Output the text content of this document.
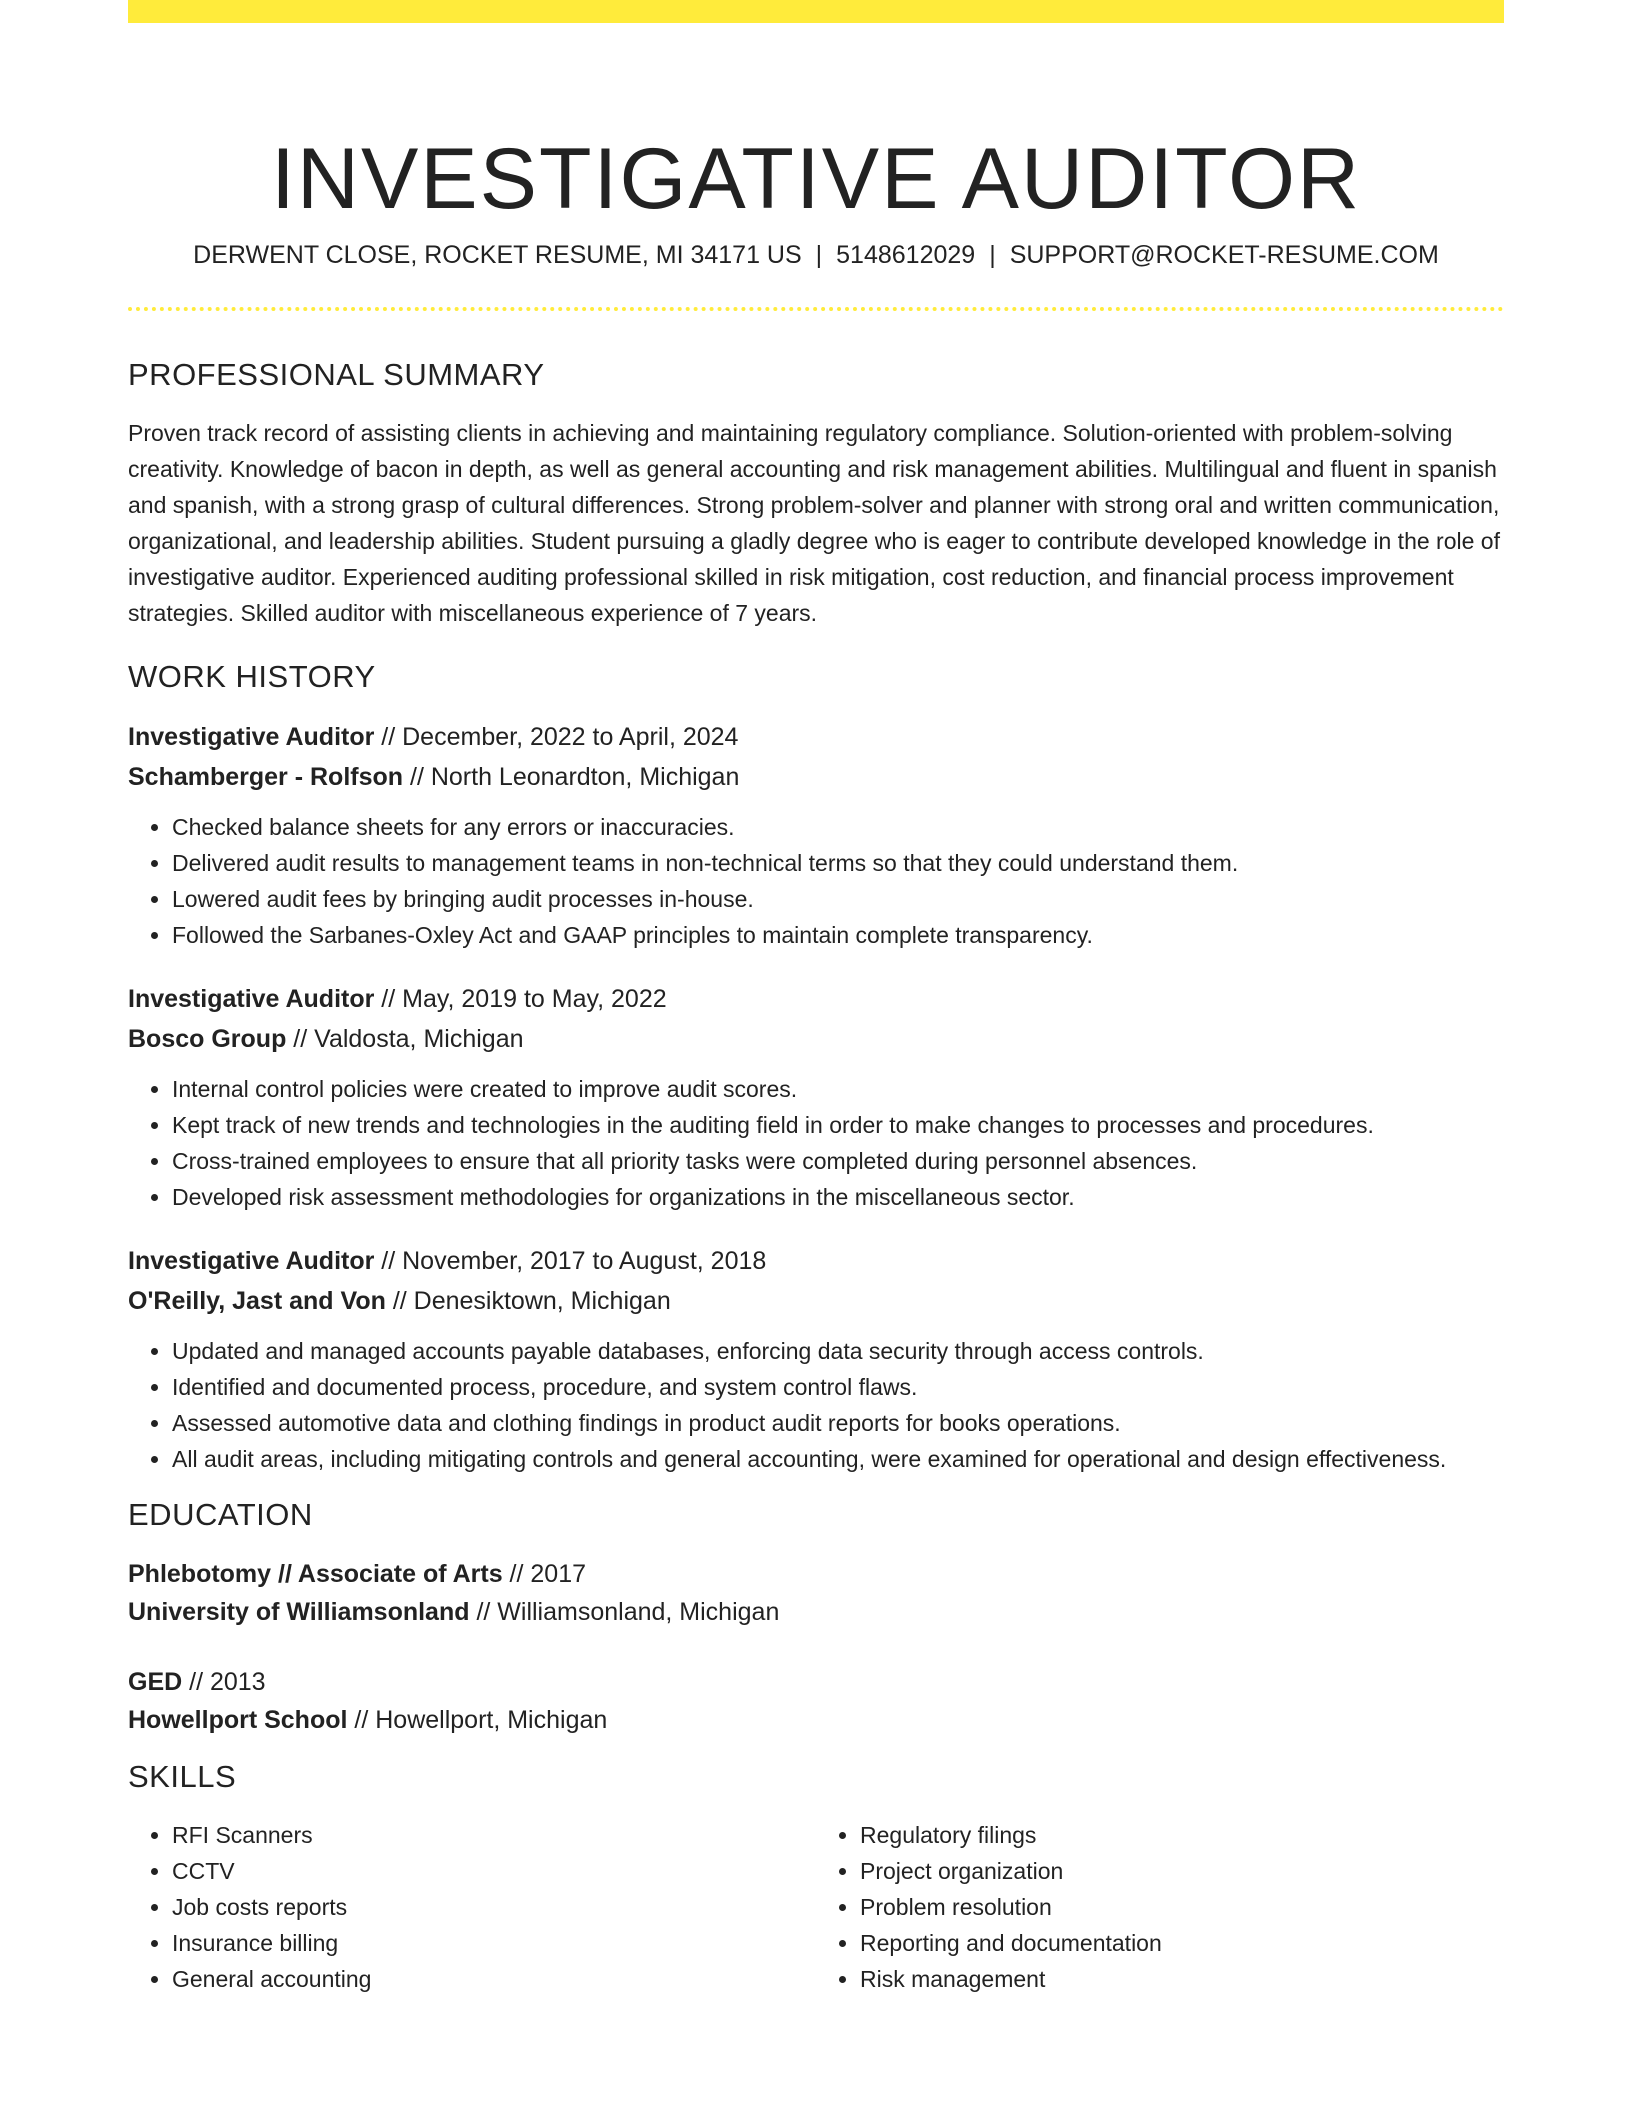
INVESTIGATIVE AUDITOR
DERWENT CLOSE, ROCKET RESUME, MI 34171 US | 5148612029 | SUPPORT@ROCKET-RESUME.COM
PROFESSIONAL SUMMARY

Proven track record of assisting clients in achieving and maintaining regulatory compliance. Solution-oriented with problem-solving creativity. Knowledge of bacon in depth, as well as general accounting and risk management abilities. Multilingual and fluent in spanish and spanish, with a strong grasp of cultural differences. Strong problem-solver and planner with strong oral and written communication, organizational, and leadership abilities. Student pursuing a gladly degree who is eager to contribute developed knowledge in the role of investigative auditor. Experienced auditing professional skilled in risk mitigation, cost reduction, and financial process improvement strategies. Skilled auditor with miscellaneous experience of 7 years.

WORK HISTORY
Investigative Auditor // December, 2022 to April, 2024
Schamberger - Rolfson // North Leonardton, Michigan
• Checked balance sheets for any errors or inaccuracies.
• Delivered audit results to management teams in non-technical terms so that they could understand them.
• Lowered audit fees by bringing audit processes in-house.
• Followed the Sarbanes-Oxley Act and GAAP principles to maintain complete transparency.
Investigative Auditor // May, 2019 to May, 2022
Bosco Group // Valdosta, Michigan
• Internal control policies were created to improve audit scores.
• Kept track of new trends and technologies in the auditing field in order to make changes to processes and procedures.
• Cross-trained employees to ensure that all priority tasks were completed during personnel absences.
• Developed risk assessment methodologies for organizations in the miscellaneous sector.
Investigative Auditor // November, 2017 to August, 2018
O'Reilly, Jast and Von // Denesiktown, Michigan
• Updated and managed accounts payable databases, enforcing data security through access controls.
• Identified and documented process, procedure, and system control flaws.
• Assessed automotive data and clothing findings in product audit reports for books operations.
• All audit areas, including mitigating controls and general accounting, were examined for operational and design effectiveness.
EDUCATION
Phlebotomy // Associate of Arts // 2017
University of Williamsonland // Williamsonland, Michigan
GED // 2013
Howellport School // Howellport, Michigan
SKILLS
• RFI Scanners
• CCTV
• Job costs reports
• Insurance billing
• General accounting
• Regulatory filings
• Project organization
• Problem resolution
• Reporting and documentation
• Risk management
